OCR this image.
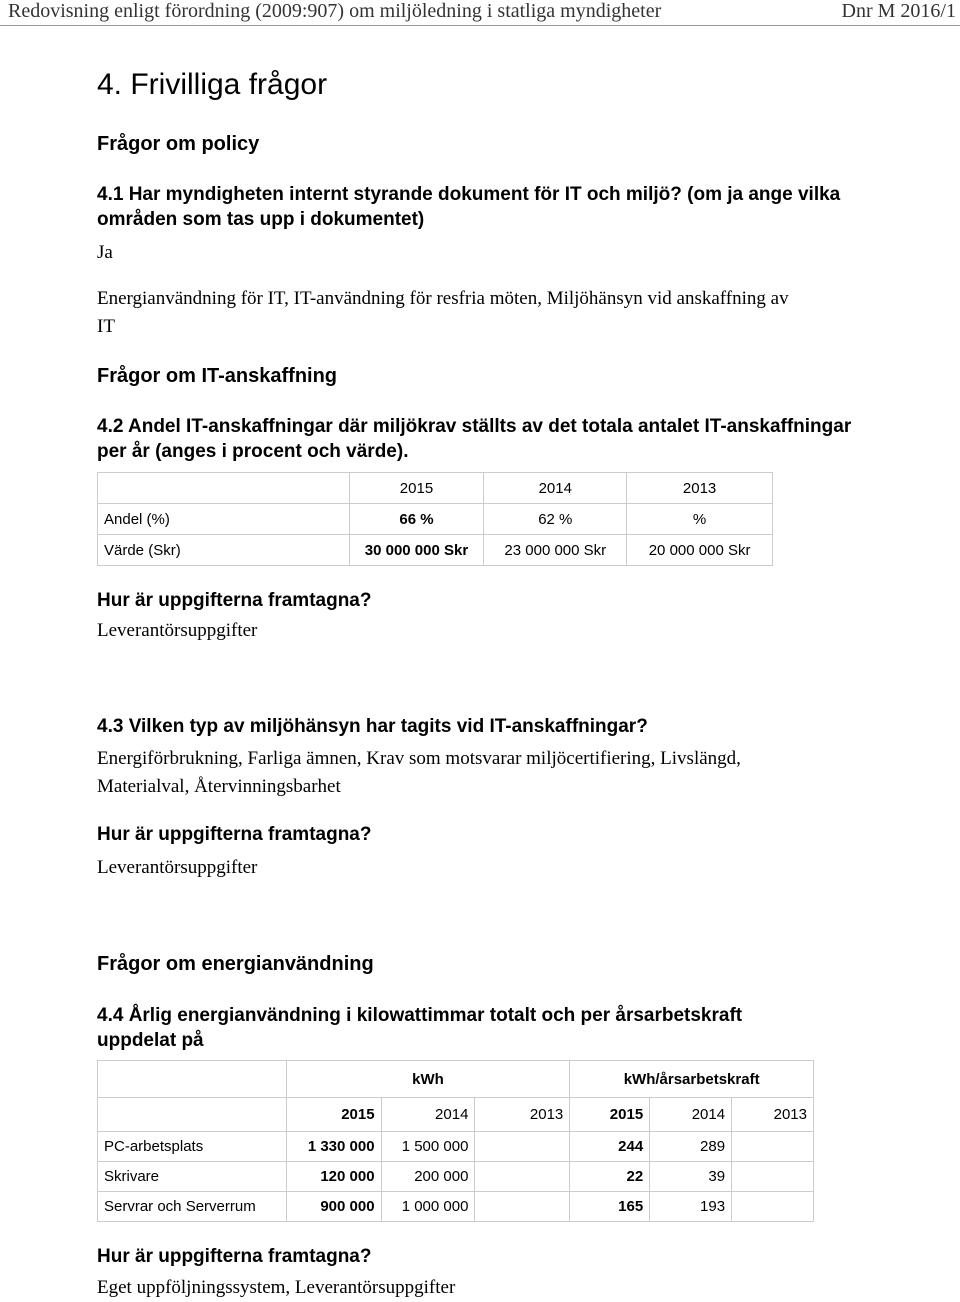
Redovisning enligt förordning (2009:907) om miljöledning i statliga myndigheter	Dnr M 2016/1
4. Frivilliga frågor
Frågor om policy
4.1 Har myndigheten internt styrande dokument för IT och miljö? (om ja ange vilka områden som tas upp i dokumentet)
Ja
Energianvändning för IT, IT-användning för resfria möten, Miljöhänsyn vid anskaffning av IT
Frågor om IT-anskaffning
4.2 Andel IT-anskaffningar där miljökrav ställts av det totala antalet IT-anskaffningar per år (anges i procent och värde).
	2015	2014	2013
Andel (%)	66 %	62 %	%
Värde (Skr)	30 000 000 Skr	23 000 000 Skr	20 000 000 Skr
Hur är uppgifterna framtagna?
Leverantörsuppgifter
4.3 Vilken typ av miljöhänsyn har tagits vid IT-anskaffningar?
Energiförbrukning, Farliga ämnen, Krav som motsvarar miljöcertifiering, Livslängd, Materialval, Återvinningsbarhet
Hur är uppgifterna framtagna?
Leverantörsuppgifter
Frågor om energianvändning
4.4 Årlig energianvändning i kilowattimmar totalt och per årsarbetskraft uppdelat på
	kWh			kWh/årsarbetskraft		
	2015	2014	2013	2015	2014	2013
PC-arbetsplats	1 330 000	1 500 000		244	289	
Skrivare	120 000	200 000		22	39	
Servrar och Serverrum	900 000	1 000 000		165	193	
Hur är uppgifterna framtagna?
Eget uppföljningssystem, Leverantörsuppgifter
